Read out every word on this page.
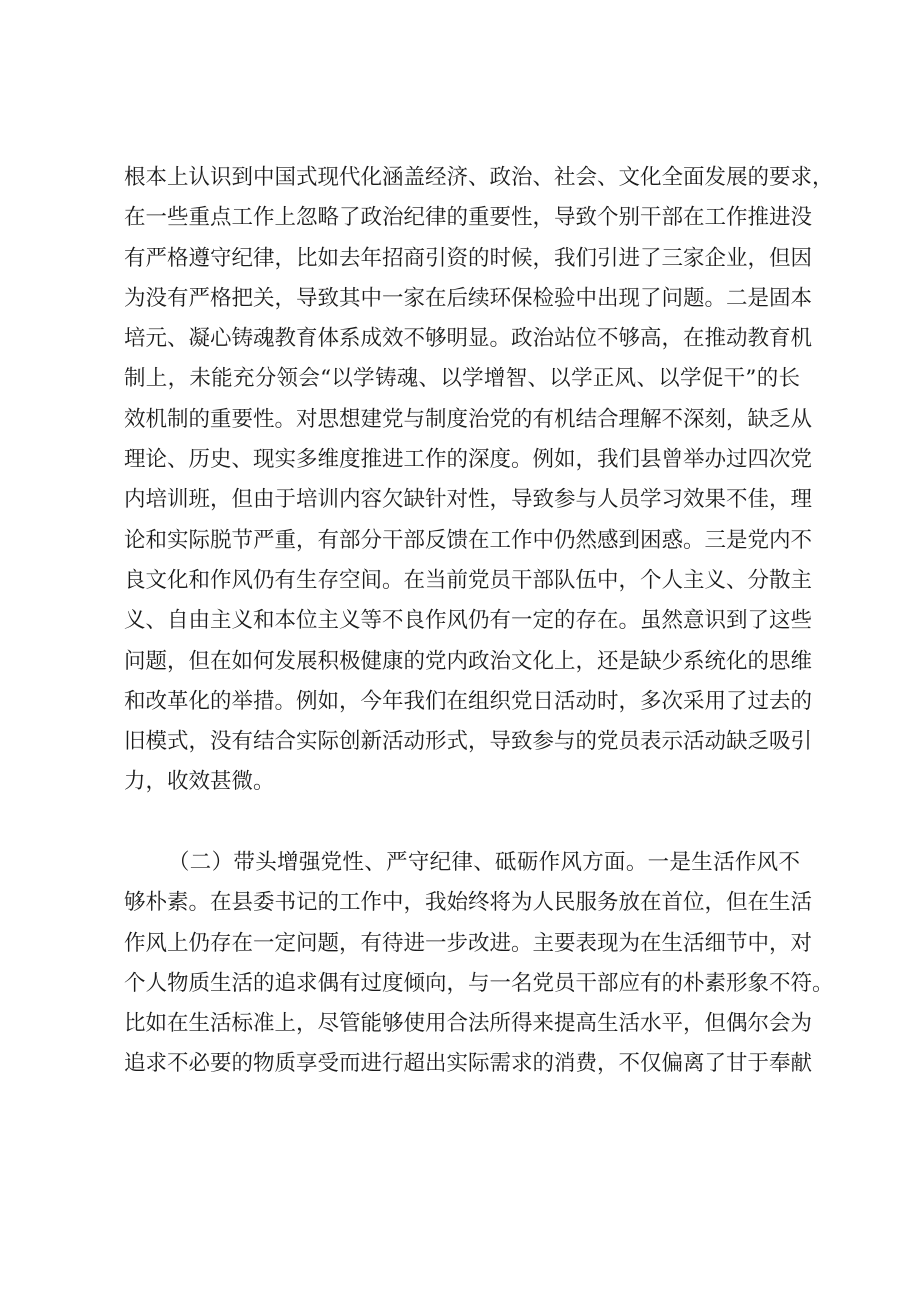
根本上认识到中国式现代化涵盖经济、政治、社会、文化全面发展的要求，
在一些重点工作上忽略了政治纪律的重要性，导致个别干部在工作推进没
有严格遵守纪律，比如去年招商引资的时候，我们引进了三家企业，但因
为没有严格把关，导致其中一家在后续环保检验中出现了问题。二是固本
培元、凝心铸魂教育体系成效不够明显。政治站位不够高，在推动教育机
制上，未能充分领会“以学铸魂、以学增智、以学正风、以学促干”的长
效机制的重要性。对思想建党与制度治党的有机结合理解不深刻，缺乏从
理论、历史、现实多维度推进工作的深度。例如，我们县曾举办过四次党
内培训班，但由于培训内容欠缺针对性，导致参与人员学习效果不佳，理
论和实际脱节严重，有部分干部反馈在工作中仍然感到困惑。三是党内不
良文化和作风仍有生存空间。在当前党员干部队伍中，个人主义、分散主
义、自由主义和本位主义等不良作风仍有一定的存在。虽然意识到了这些
问题，但在如何发展积极健康的党内政治文化上，还是缺少系统化的思维
和改革化的举措。例如，今年我们在组织党日活动时，多次采用了过去的
旧模式，没有结合实际创新活动形式，导致参与的党员表示活动缺乏吸引
力，收效甚微。
（二）带头增强党性、严守纪律、砥砺作风方面。一是生活作风不
够朴素。在县委书记的工作中，我始终将为人民服务放在首位，但在生活
作风上仍存在一定问题，有待进一步改进。主要表现为在生活细节中，对
个人物质生活的追求偶有过度倾向，与一名党员干部应有的朴素形象不符。
比如在生活标准上，尽管能够使用合法所得来提高生活水平，但偶尔会为
追求不必要的物质享受而进行超出实际需求的消费，不仅偏离了甘于奉献
